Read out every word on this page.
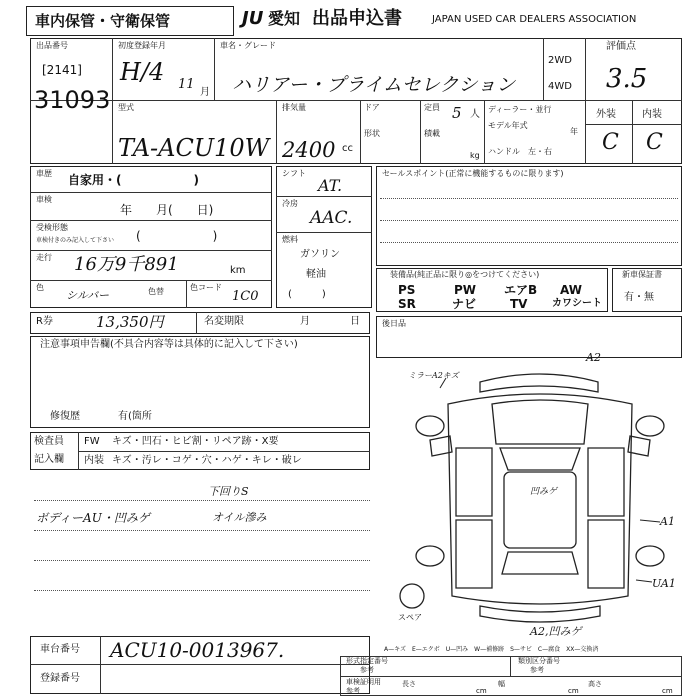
車内保管・守衛保管	JU 愛知 出品申込書	JAPAN USED CAR DEALERS ASSOCIATION
出品番号
[2141]
31093
初度登録年月
H/4 11
月
車名・グレード
ハリアー・プライムセレクション
2WD
4WD
評価点
3.5
型式
TA-ACU10W
排気量
2400 cc
ドア
形状
定員 5 人
積載
kg
ディーラー・並行
モデル年式
年
ハンドル　左・右
外装	内装
C C
車歴 自家用・(　　　　　　)
車検
年　　月(　　日)
受検形態
車検付きのみ記入して下さい (　　　　　　)
走行 16万9千891	km
色
シルバー	色替	色コード
1C0
シフト
AT.
冷房
AAC.
燃料
ガソリン
軽油
(　　　)
セールスポイント(正常に機能するものに限ります)
装備品(純正品に限り◎をつけてください)
PS	PW エアB AW
SR	ナビ	TV カワシート
新車保証書
有・無
R券	13,350円	名変期限	月	日
注意事項申告欄(不具合内容等は具体的に記入して下さい)
修復歴	有(箇所
後日品
検査員
記入欄
FW キズ・凹石・ヒビ割・リペア跡・X要
内装 キズ・汚レ・コゲ・穴・ハゲ・キレ・破レ
下回りS
ボディーAU・凹みゲ	オイル滲み
A2
ミラーA2キズ
凹みゲ
A1
UA1
A2,凹みゲ
スペア
車台番号 ACU10-0013967.
登録番号
A—キズ　E—エクボ　U—凹み　W—補修跡　S—サビ　C—腐食　XX—交換済
形式指定番号
参考
類別区分番号
参考
車検証明用
参考
長さ
cm
幅
cm
高さ
cm
